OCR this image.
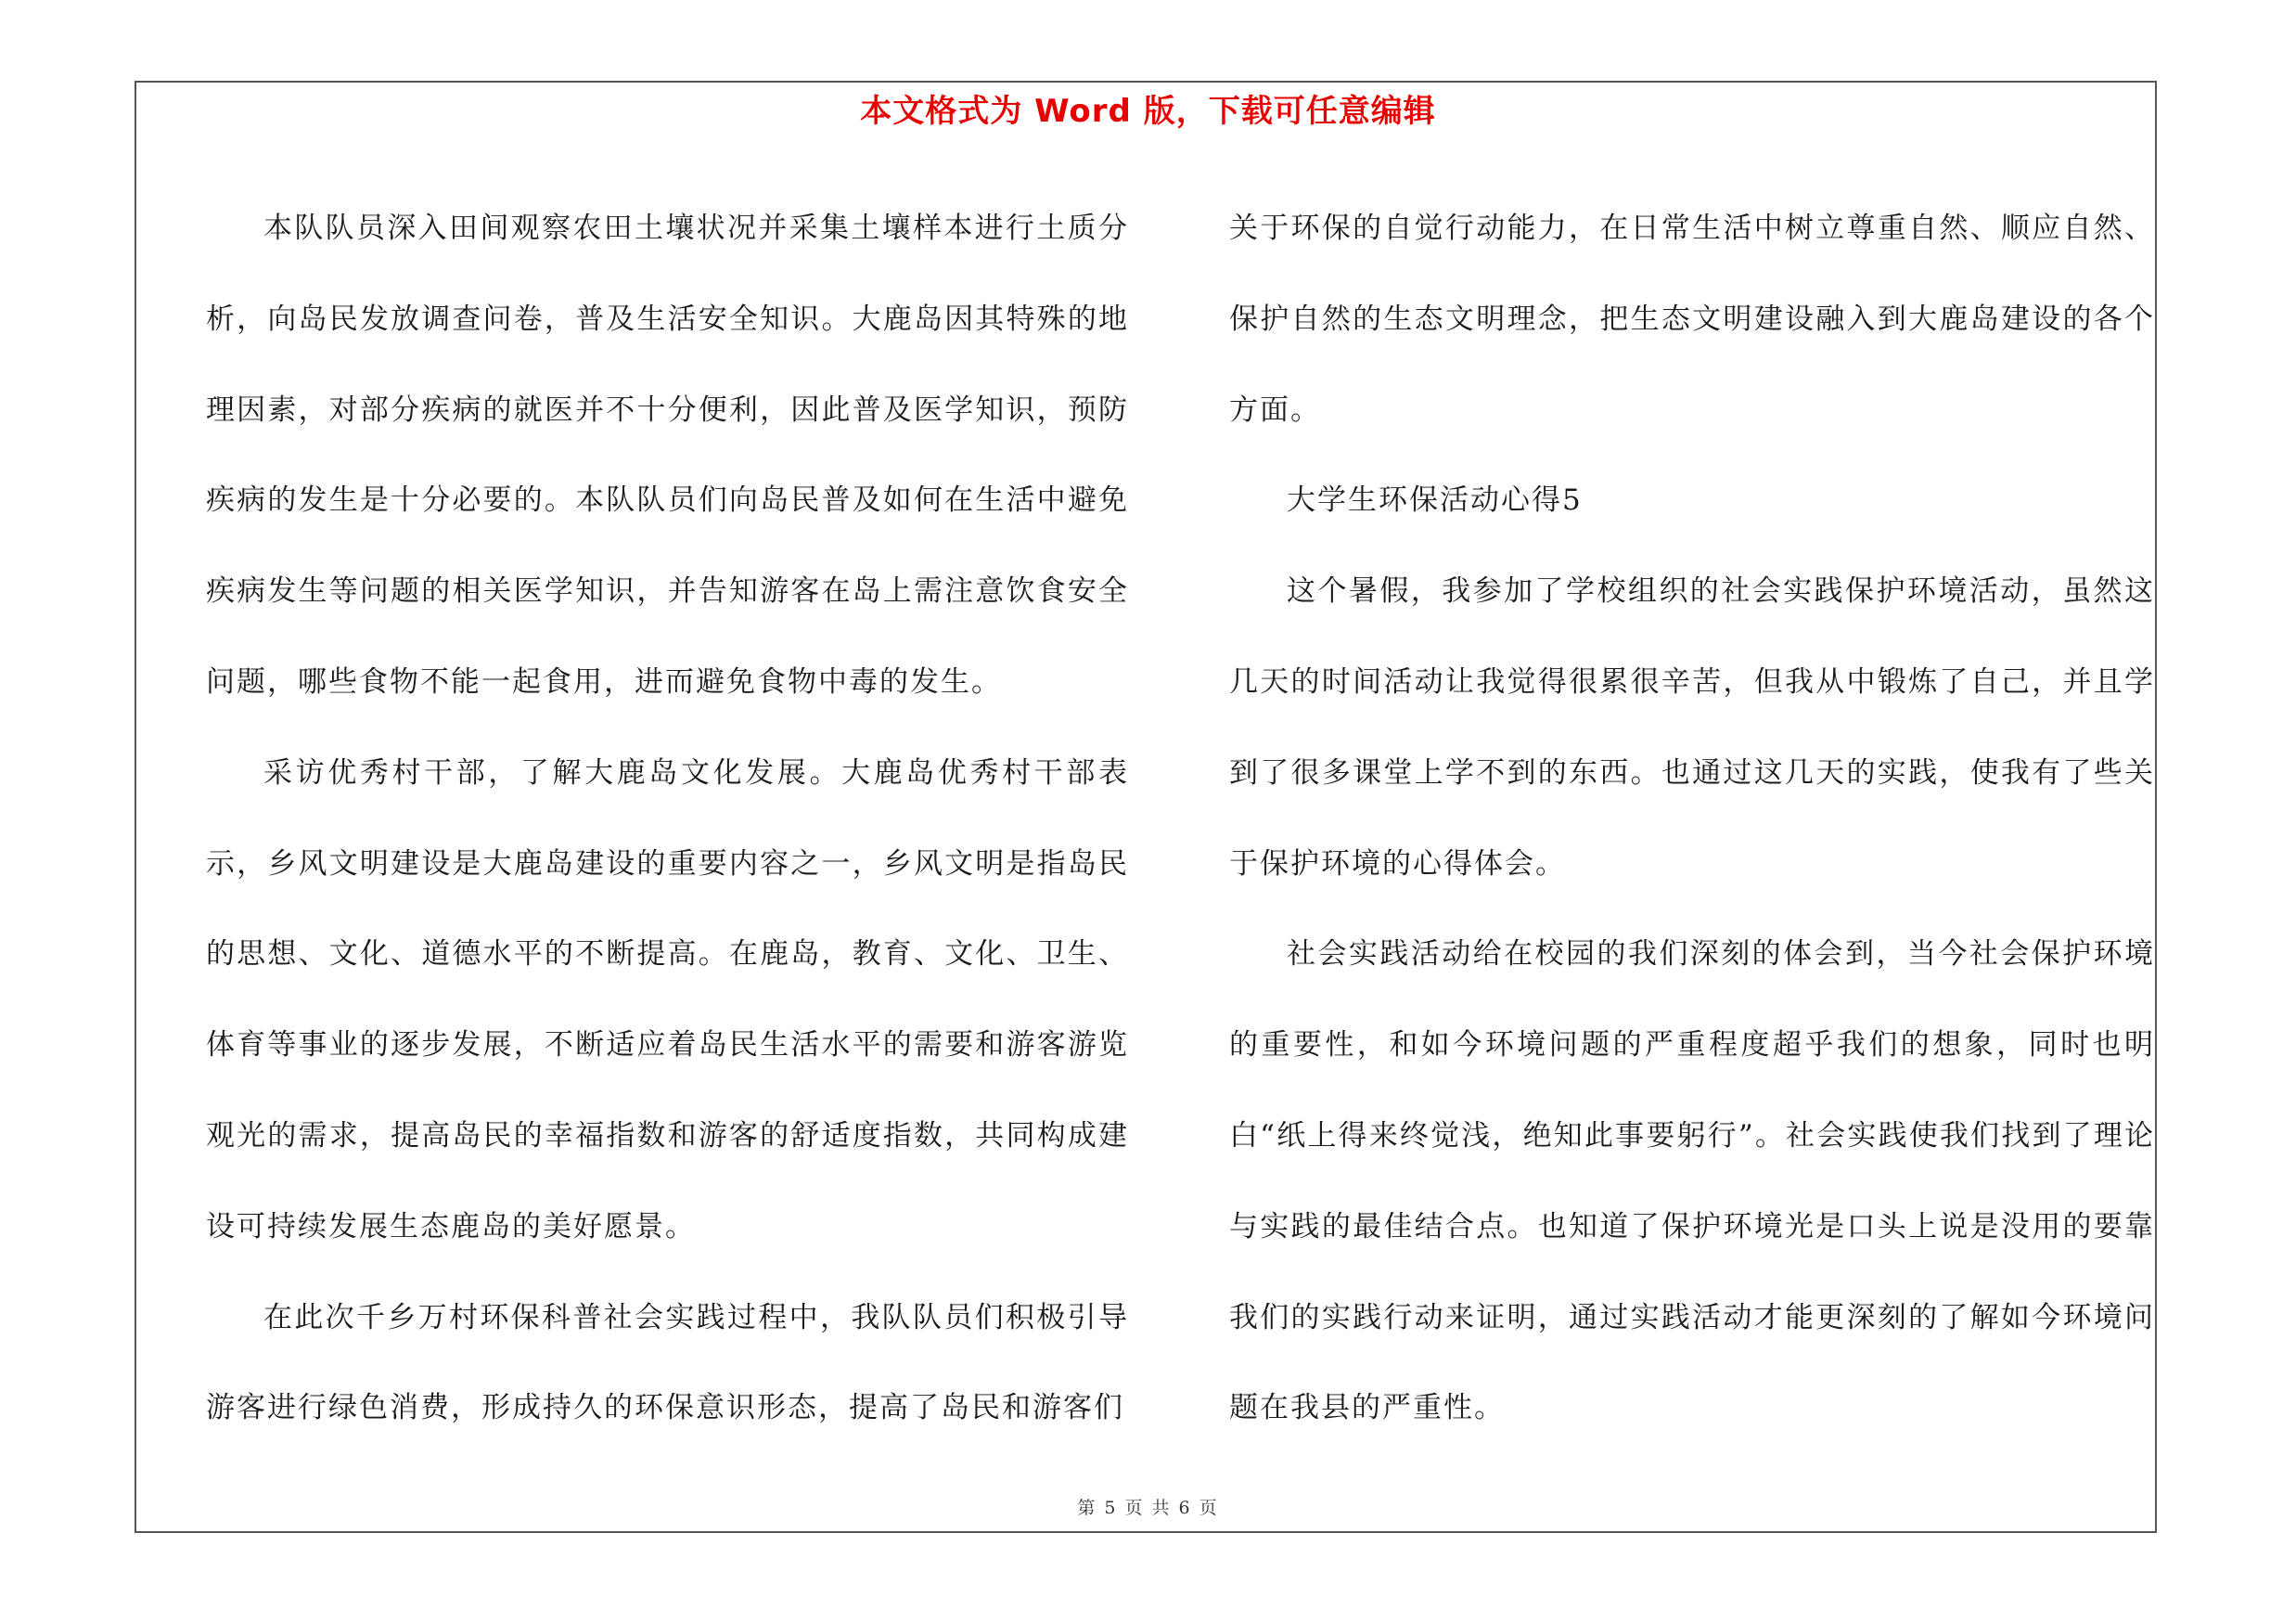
本文格式为 Word 版，下载可任意编辑

本队队员深入田间观察农田土壤状况并采集土壤样本进行土质分析，向岛民发放调查问卷，普及生活安全知识。大鹿岛因其特殊的地理因素，对部分疾病的就医并不十分便利，因此普及医学知识，预防疾病的发生是十分必要的。本队队员们向岛民普及如何在生活中避免疾病发生等问题的相关医学知识，并告知游客在岛上需注意饮食安全问题，哪些食物不能一起食用，进而避免食物中毒的发生。

采访优秀村干部，了解大鹿岛文化发展。大鹿岛优秀村干部表示，乡风文明建设是大鹿岛建设的重要内容之一，乡风文明是指岛民的思想、文化、道德水平的不断提高。在鹿岛，教育、文化、卫生、体育等事业的逐步发展，不断适应着岛民生活水平的需要和游客游览观光的需求，提高岛民的幸福指数和游客的舒适度指数，共同构成建设可持续发展生态鹿岛的美好愿景。

在此次千乡万村环保科普社会实践过程中，我队队员们积极引导游客进行绿色消费，形成持久的环保意识形态，提高了岛民和游客们

关于环保的自觉行动能力，在日常生活中树立尊重自然、顺应自然、保护自然的生态文明理念，把生态文明建设融入到大鹿岛建设的各个方面。

大学生环保活动心得5

这个暑假，我参加了学校组织的社会实践保护环境活动，虽然这几天的时间活动让我觉得很累很辛苦，但我从中锻炼了自己，并且学到了很多课堂上学不到的东西。也通过这几天的实践，使我有了些关于保护环境的心得体会。

社会实践活动给在校园的我们深刻的体会到，当今社会保护环境的重要性，和如今环境问题的严重程度超乎我们的想象，同时也明白“纸上得来终觉浅，绝知此事要躬行”。社会实践使我们找到了理论与实践的最佳结合点。也知道了保护环境光是口头上说是没用的要靠我们的实践行动来证明，通过实践活动才能更深刻的了解如今环境问题在我县的严重性。

第 5 页 共 6 页
